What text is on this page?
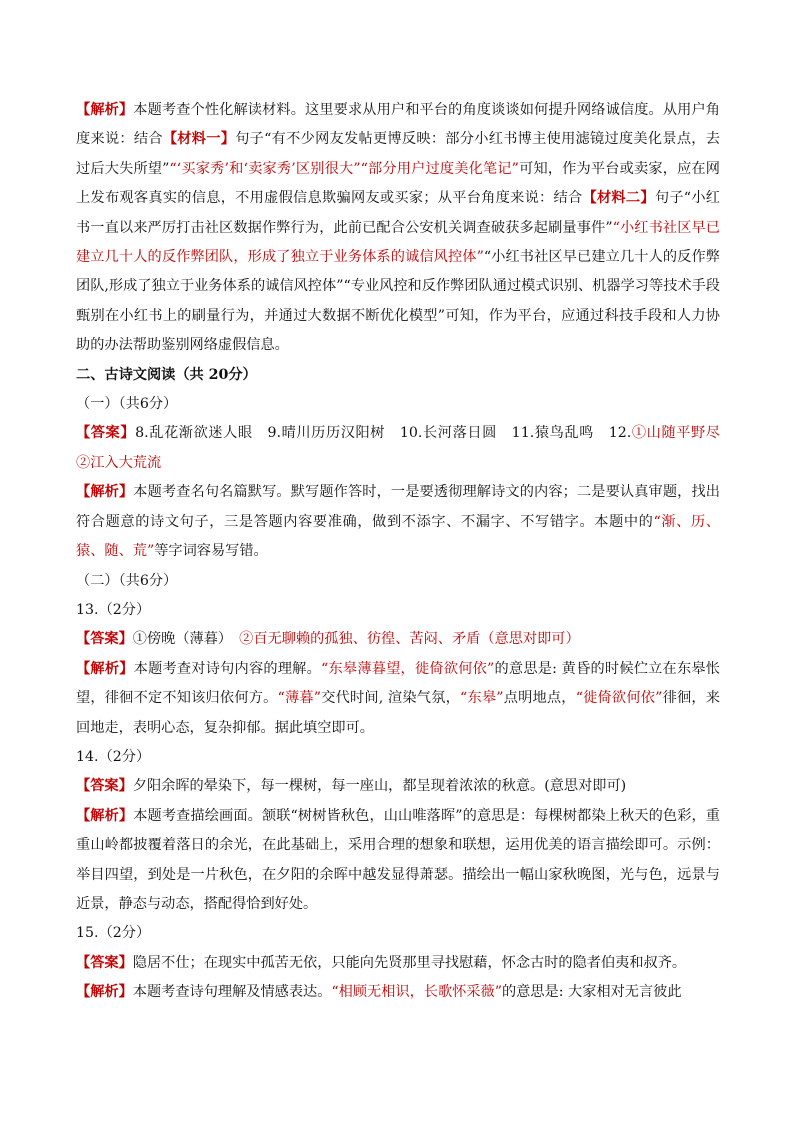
【解析】本题考查个性化解读材料。这里要求从用户和平台的角度谈谈如何提升网络诚信度。从用户角度来说：结合【材料一】句子“有不少网友发帖更博反映：部分小红书博主使用滤镜过度美化景点，去过后大失所望”“‘买家秀’和‘卖家秀’区别很大”“部分用户过度美化笔记”可知，作为平台或卖家，应在网上发布观客真实的信息，不用虚假信息欺骗网友或买家；从平台角度来说：结合【材料二】句子“小红书一直以来严厉打击社区数据作弊行为，此前已配合公安机关调查破获多起刷量事件”“小红书社区早已建立几十人的反作弊团队，形成了独立于业务体系的诚信风控体”“小红书社区早已建立几十人的反作弊团队,形成了独立于业务体系的诚信风控体”“专业风控和反作弊团队通过模式识别、机器学习等技术手段甄别在小红书上的刷量行为，并通过大数据不断优化模型”可知，作为平台，应通过科技手段和人力协助的办法帮助鉴别网络虚假信息。

二、古诗文阅读（共 20分）

（一）（共6分）

【答案】8.乱花渐欲迷人眼　9.晴川历历汉阳树　10.长河落日圆　11.猿鸟乱鸣　12.①山随平野尽　②江入大荒流

【解析】本题考查名句名篇默写。默写题作答时，一是要透彻理解诗文的内容；二是要认真审题，找出符合题意的诗文句子，三是答题内容要准确，做到不添字、不漏字、不写错字。本题中的“渐、历、猿、随、荒”等字词容易写错。

（二）（共6分）

13.（2分）

【答案】①傍晚（薄暮）　②百无聊赖的孤独、彷徨、苦闷、矛盾（意思对即可）

【解析】本题考查对诗句内容的理解。“东皋薄暮望，徙倚欲何依”的意思是: 黄昏的时候伫立在东皋怅望，徘徊不定不知该归依何方。“薄暮”交代时间, 渲染气氛，“东皋”点明地点，“徙倚欲何依”徘徊，来回地走，表明心态，复杂抑郁。据此填空即可。

14.（2分）

【答案】夕阳余晖的晕染下，每一棵树，每一座山，都呈现着浓浓的秋意。(意思对即可)

【解析】本题考查描绘画面。颔联“树树皆秋色，山山唯落晖”的意思是：每棵树都染上秋天的色彩，重重山岭都披覆着落日的余光，在此基础上，采用合理的想象和联想，运用优美的语言描绘即可。示例：举目四望，到处是一片秋色，在夕阳的余晖中越发显得萧瑟。描绘出一幅山家秋晚图，光与色，远景与近景，静态与动态，搭配得恰到好处。

15.（2分）

【答案】隐居不仕；在现实中孤苦无依，只能向先贤那里寻找慰藉，怀念古时的隐者伯夷和叔齐。

【解析】本题考查诗句理解及情感表达。“相顾无相识，长歌怀采薇”的意思是: 大家相对无言彼此
